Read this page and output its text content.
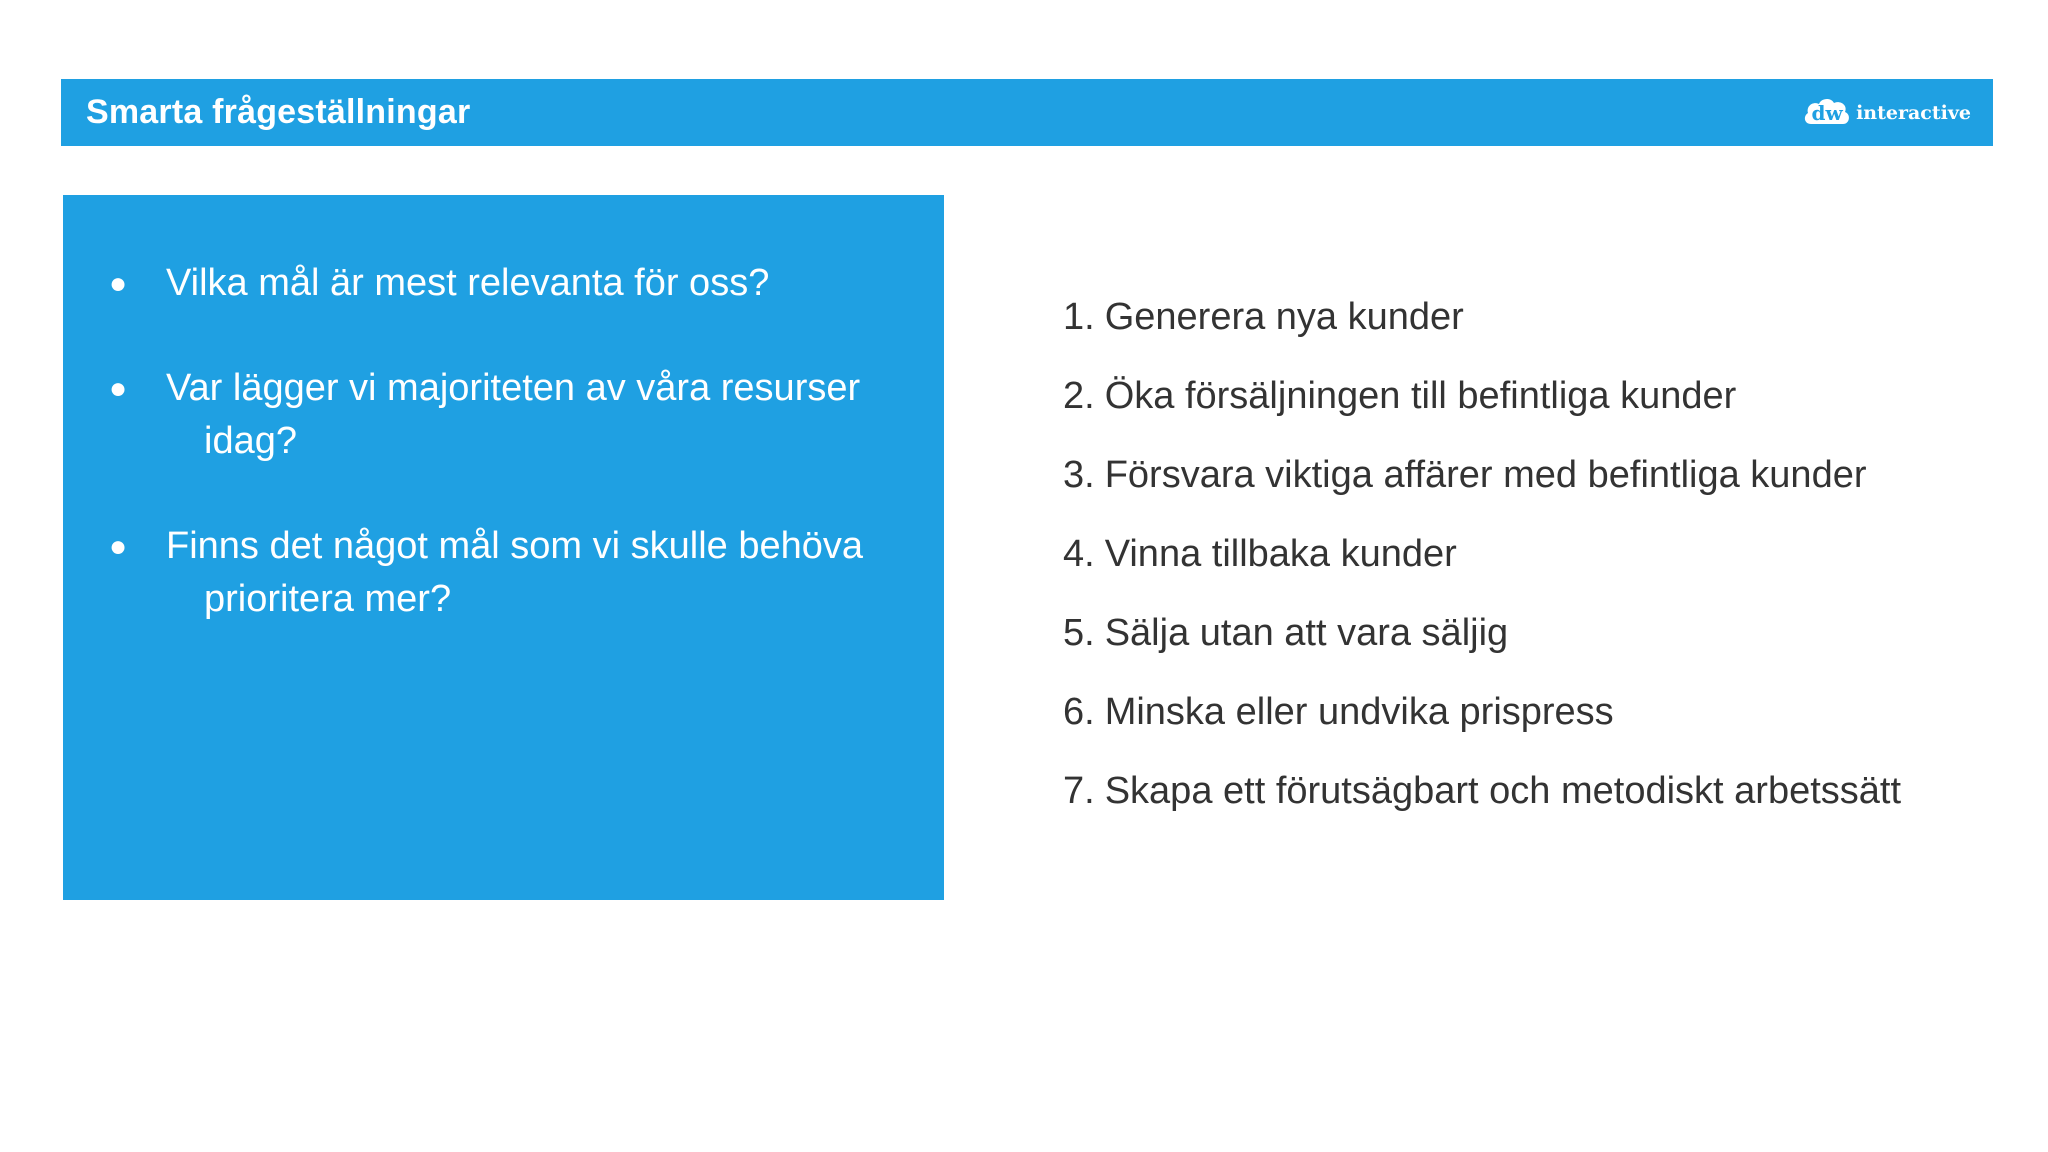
Smarta frågeställningar	dw interactive
● Vilka mål är mest relevanta för oss?
● Var lägger vi majoriteten av våra resurser idag?
● Finns det något mål som vi skulle behöva prioritera mer?
1. Generera nya kunder
2. Öka försäljningen till befintliga kunder
3. Försvara viktiga affärer med befintliga kunder
4. Vinna tillbaka kunder
5. Sälja utan att vara säljig
6. Minska eller undvika prispress
7. Skapa ett förutsägbart och metodiskt arbetssätt
